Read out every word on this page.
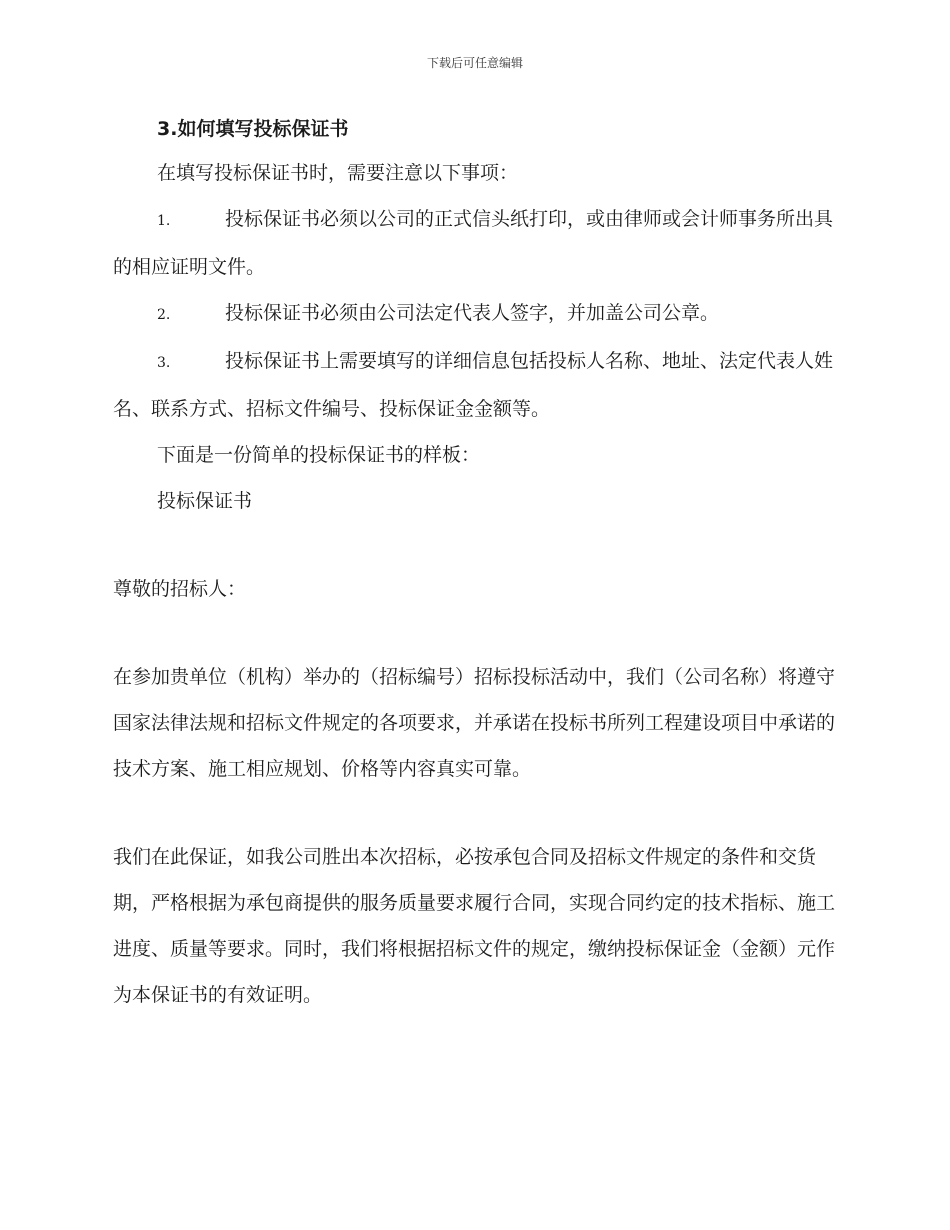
下载后可任意编辑
3.如何填写投标保证书

在填写投标保证书时，需要注意以下事项：

1.	投标保证书必须以公司的正式信头纸打印，或由律师或会计师事务所出具的相应证明文件。

2.	投标保证书必须由公司法定代表人签字，并加盖公司公章。

3.	投标保证书上需要填写的详细信息包括投标人名称、地址、法定代表人姓名、联系方式、招标文件编号、投标保证金金额等。

下面是一份简单的投标保证书的样板：

投标保证书

尊敬的招标人：

在参加贵单位（机构）举办的（招标编号）招标投标活动中，我们（公司名称）将遵守国家法律法规和招标文件规定的各项要求，并承诺在投标书所列工程建设项目中承诺的技术方案、施工相应规划、价格等内容真实可靠。

我们在此保证，如我公司胜出本次招标，必按承包合同及招标文件规定的条件和交货期，严格根据为承包商提供的服务质量要求履行合同，实现合同约定的技术指标、施工进度、质量等要求。同时，我们将根据招标文件的规定，缴纳投标保证金（金额）元作为本保证书的有效证明。
